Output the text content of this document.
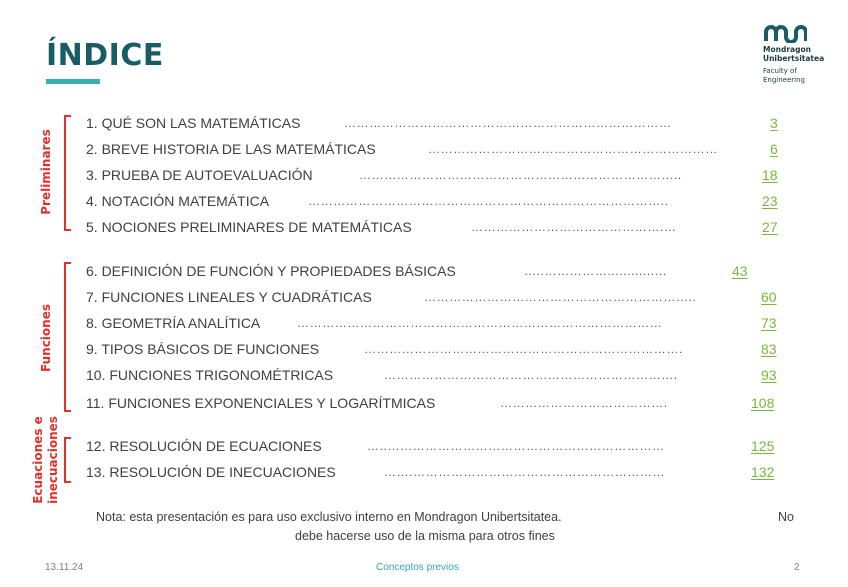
ÍNDICE	Mondragon
Unibertsitatea
Faculty of
Engineering
Preliminares
Funciones
Ecuaciones e inecuaciones
1. QUÉ SON LAS MATEMÁTICAS	……………………………………………………………………	3
2. BREVE HISTORIA DE LAS MATEMÁTICAS	……………………………………………………………	6
3. PRUEBA DE AUTOEVALUACIÓN	…………………………………………………………………..	18
4. NOTACIÓN MATEMÁTICA	…………………………………………………………………………..	23
5. NOCIONES PRELIMINARES DE MATEMÁTICAS	……………………………………….…	27
6. DEFINICIÓN DE FUNCIÓN Y PROPIEDADES BÁSICAS	…..……………............…	43
7. FUNCIONES LINEALES Y CUADRÁTICAS	………………………………………………………..	60
8. GEOMETRÍA ANALÍTICA	……………………………………………………………………………	73
9. TIPOS BÁSICOS DE FUNCIONES	………………………………………………………………….	83
10. FUNCIONES TRIGONOMÉTRICAS	…………………………………………………………….	93
11. FUNCIONES EXPONENCIALES Y LOGARÍTMICAS	………………………………….	108
12. RESOLUCIÓN DE ECUACIONES	…..…………………………………………………………	125
13. RESOLUCIÓN DE INECUACIONES	…….……………………………………………………	132
Nota: esta presentación es para uso exclusivo interno en Mondragon Unibertsitatea.	No
debe hacerse uso de la misma para otros fines
13.11.24	Conceptos previos	2
